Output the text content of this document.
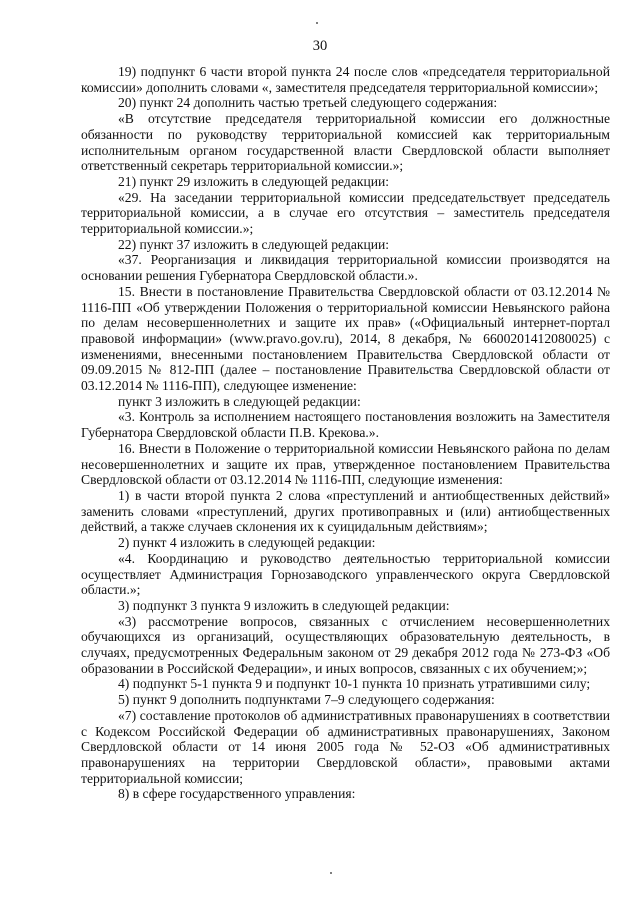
30

19) подпункт 6 части второй пункта 24 после слов «председателя территориальной комиссии» дополнить словами «, заместителя председателя территориальной комиссии»;

20) пункт 24 дополнить частью третьей следующего содержания:

«В отсутствие председателя территориальной комиссии его должностные обязанности по руководству территориальной комиссией как территориальным исполнительным органом государственной власти Свердловской области выполняет ответственный секретарь территориальной комиссии.»;

21) пункт 29 изложить в следующей редакции:

«29. На заседании территориальной комиссии председательствует председатель территориальной комиссии, а в случае его отсутствия – заместитель председателя территориальной комиссии.»;

22) пункт 37 изложить в следующей редакции:

«37. Реорганизация и ликвидация территориальной комиссии производятся на основании решения Губернатора Свердловской области.».

15. Внести в постановление Правительства Свердловской области от 03.12.2014 № 1116-ПП «Об утверждении Положения о территориальной комиссии Невьянского района по делам несовершеннолетних и защите их прав» («Официальный интернет-портал правовой информации» (www.pravo.gov.ru), 2014, 8 декабря, № 6600201412080025) с изменениями, внесенными постановлением Правительства Свердловской области от 09.09.2015 № 812-ПП (далее – постановление Правительства Свердловской области от 03.12.2014 № 1116-ПП), следующее изменение:

пункт 3 изложить в следующей редакции:

«3. Контроль за исполнением настоящего постановления возложить на Заместителя Губернатора Свердловской области П.В. Крекова.».

16. Внести в Положение о территориальной комиссии Невьянского района по делам несовершеннолетних и защите их прав, утвержденное постановлением Правительства Свердловской области от 03.12.2014 № 1116-ПП, следующие изменения:

1) в части второй пункта 2 слова «преступлений и антиобщественных действий» заменить словами «преступлений, других противоправных и (или) антиобщественных действий, а также случаев склонения их к суицидальным действиям»;

2) пункт 4 изложить в следующей редакции:

«4. Координацию и руководство деятельностью территориальной комиссии осуществляет Администрация Горнозаводского управленческого округа Свердловской области.»;

3) подпункт 3 пункта 9 изложить в следующей редакции:

«3) рассмотрение вопросов, связанных с отчислением несовершеннолетних обучающихся из организаций, осуществляющих образовательную деятельность, в случаях, предусмотренных Федеральным законом от 29 декабря 2012 года № 273-ФЗ «Об образовании в Российской Федерации», и иных вопросов, связанных с их обучением;»;

4) подпункт 5-1 пункта 9 и подпункт 10-1 пункта 10 признать утратившими силу;

5) пункт 9 дополнить подпунктами 7–9 следующего содержания:

«7) составление протоколов об административных правонарушениях в соответствии с Кодексом Российской Федерации об административных правонарушениях, Законом Свердловской области от 14 июня 2005 года № 52-ОЗ «Об административных правонарушениях на территории Свердловской области», правовыми актами территориальной комиссии;

8) в сфере государственного управления:
